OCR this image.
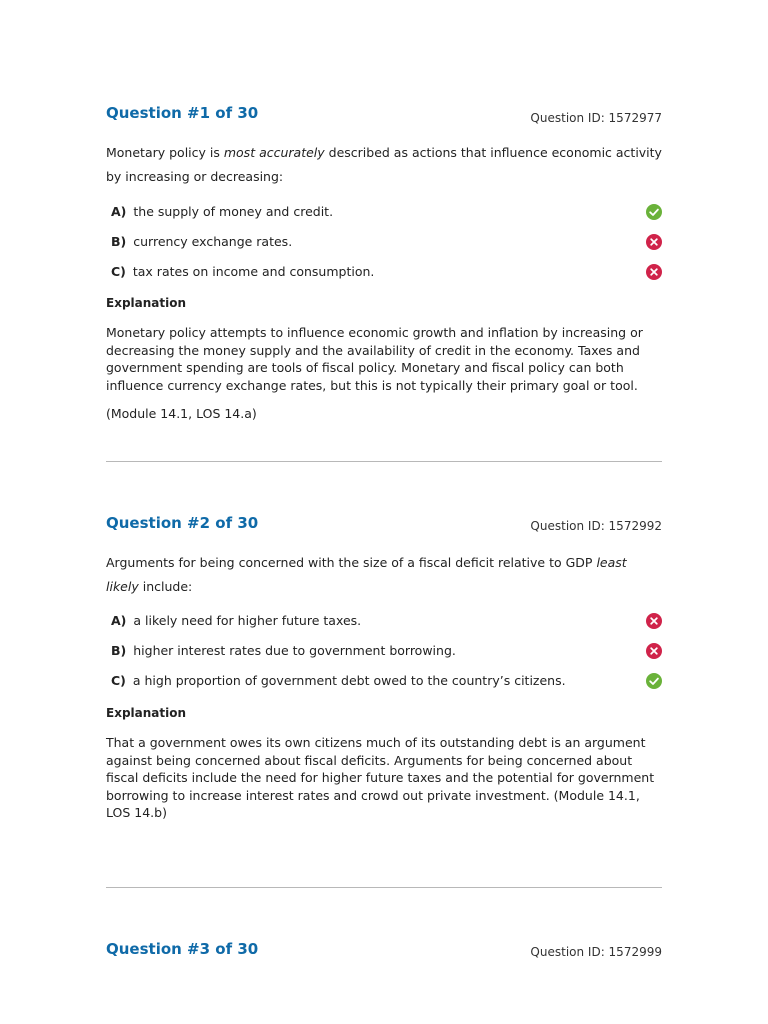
Question #1 of 30	Question ID: 1572977
Monetary policy is most accurately described as actions that influence economic activity by increasing or decreasing:
A) the supply of money and credit.
B) currency exchange rates.
C) tax rates on income and consumption.
Explanation
Monetary policy attempts to influence economic growth and inflation by increasing or decreasing the money supply and the availability of credit in the economy. Taxes and government spending are tools of fiscal policy. Monetary and fiscal policy can both influence currency exchange rates, but this is not typically their primary goal or tool.
(Module 14.1, LOS 14.a)
Question #2 of 30	Question ID: 1572992
Arguments for being concerned with the size of a fiscal deficit relative to GDP least likely include:
A) a likely need for higher future taxes.
B) higher interest rates due to government borrowing.
C) a high proportion of government debt owed to the country’s citizens.
Explanation
That a government owes its own citizens much of its outstanding debt is an argument against being concerned about fiscal deficits. Arguments for being concerned about fiscal deficits include the need for higher future taxes and the potential for government borrowing to increase interest rates and crowd out private investment. (Module 14.1, LOS 14.b)
Question #3 of 30	Question ID: 1572999
